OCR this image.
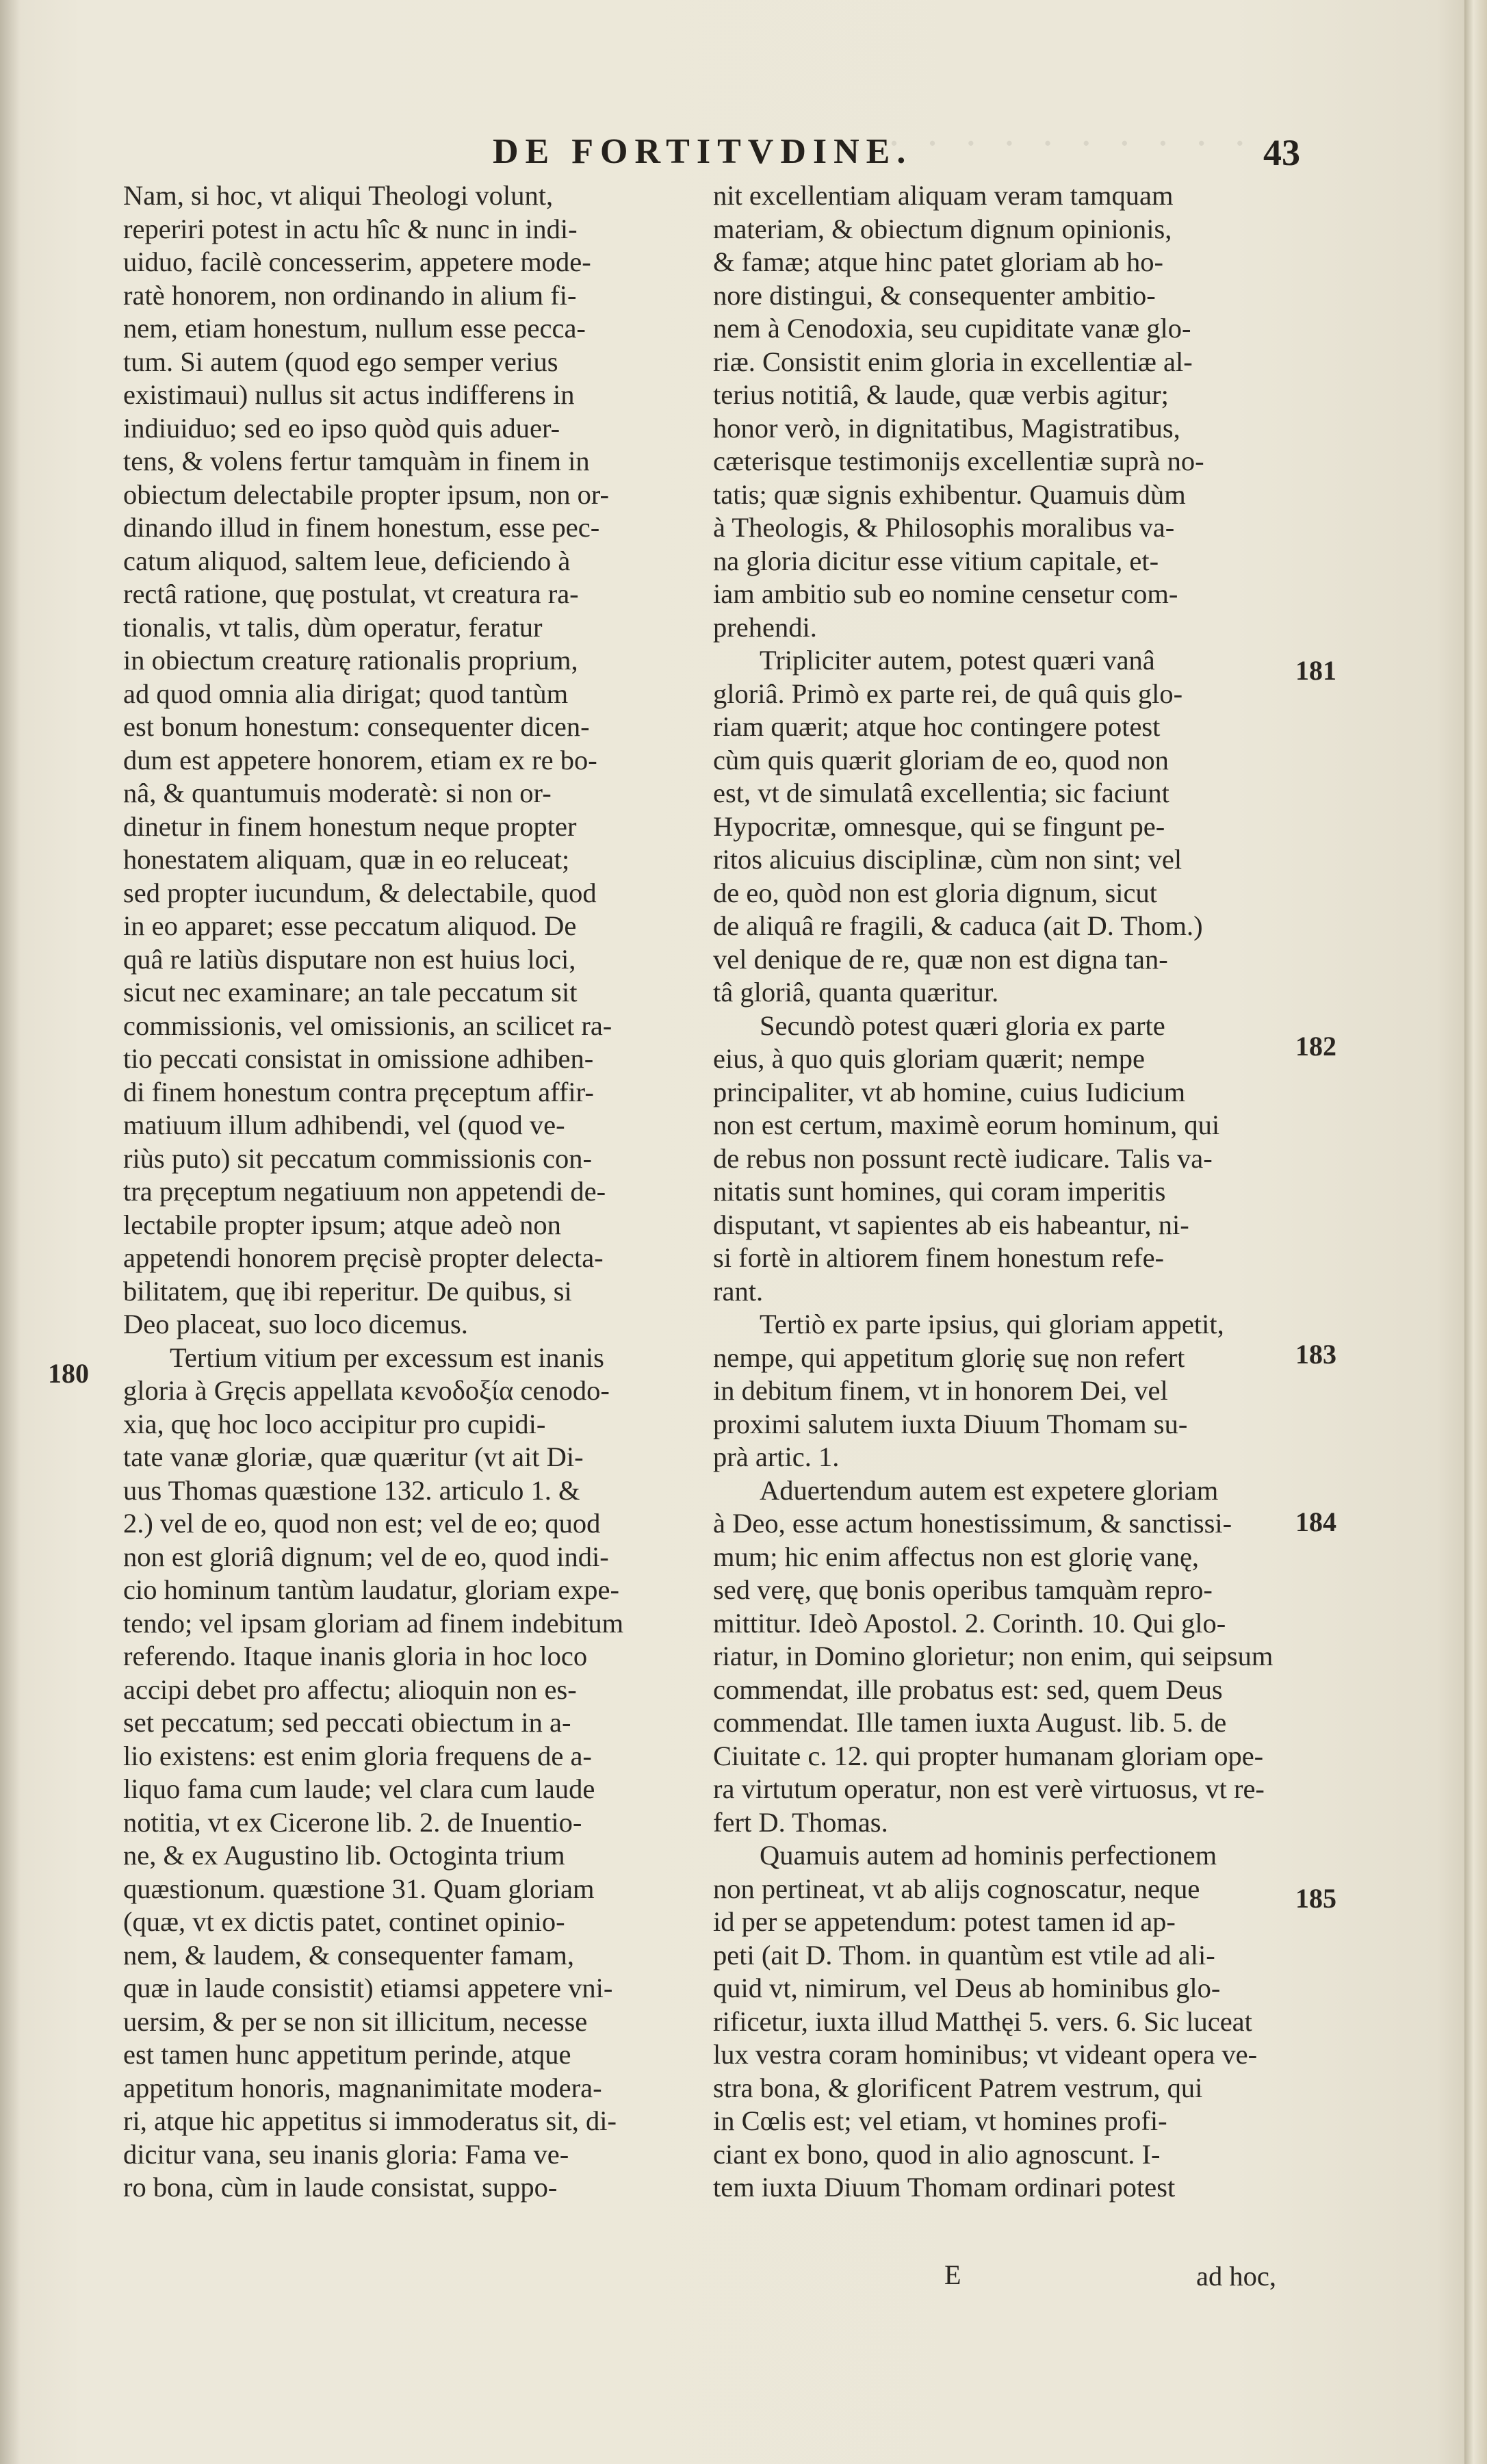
· · · · · · · · · · ·
DE FORTITVDINE.	43
Nam, si hoc, vt aliqui Theologi volunt,
reperiri potest in actu hîc & nunc in indi-
uiduo, facilè concesserim, appetere mode-
ratè honorem, non ordinando in alium fi-
nem, etiam honestum, nullum esse pecca-
tum. Si autem (quod ego semper verius
existimaui) nullus sit actus indifferens in
indiuiduo; sed eo ipso quòd quis aduer-
tens, & volens fertur tamquàm in finem in
obiectum delectabile propter ipsum, non or-
dinando illud in finem honestum, esse pec-
catum aliquod, saltem leue, deficiendo à
rectâ ratione, quę postulat, vt creatura ra-
tionalis, vt talis, dùm operatur, feratur
in obiectum creaturę rationalis proprium,
ad quod omnia alia dirigat; quod tantùm
est bonum honestum: consequenter dicen-
dum est appetere honorem, etiam ex re bo-
nâ, & quantumuis moderatè: si non or-
dinetur in finem honestum neque propter
honestatem aliquam, quæ in eo reluceat;
sed propter iucundum, & delectabile, quod
in eo apparet; esse peccatum aliquod. De
quâ re latiùs disputare non est huius loci,
sicut nec examinare; an tale peccatum sit
commissionis, vel omissionis, an scilicet ra-
tio peccati consistat in omissione adhiben-
di finem honestum contra pręceptum affir-
matiuum illum adhibendi, vel (quod ve-
riùs puto) sit peccatum commissionis con-
tra pręceptum negatiuum non appetendi de-
lectabile propter ipsum; atque adeò non
appetendi honorem pręcisè propter delecta-
bilitatem, quę ibi reperitur. De quibus, si
Deo placeat, suo loco dicemus.
Tertium vitium per excessum est inanis
gloria à Gręcis appellata κενοδοξία cenodo-
xia, quę hoc loco accipitur pro cupidi-
tate vanæ gloriæ, quæ quæritur (vt ait Di-
uus Thomas quæstione 132. articulo 1. &
2.) vel de eo, quod non est; vel de eo; quod
non est gloriâ dignum; vel de eo, quod indi-
cio hominum tantùm laudatur, gloriam expe-
tendo; vel ipsam gloriam ad finem indebitum
referendo. Itaque inanis gloria in hoc loco
accipi debet pro affectu; alioquin non es-
set peccatum; sed peccati obiectum in a-
lio existens: est enim gloria frequens de a-
liquo fama cum laude; vel clara cum laude
notitia, vt ex Cicerone lib. 2. de Inuentio-
ne, & ex Augustino lib. Octoginta trium
quæstionum. quæstione 31. Quam gloriam
(quæ, vt ex dictis patet, continet opinio-
nem, & laudem, & consequenter famam,
quæ in laude consistit) etiamsi appetere vni-
uersim, & per se non sit illicitum, necesse
est tamen hunc appetitum perinde, atque
appetitum honoris, magnanimitate modera-
ri, atque hic appetitus si immoderatus sit, di-
dicitur vana, seu inanis gloria: Fama ve-
ro bona, cùm in laude consistat, suppo-
nit excellentiam aliquam veram tamquam
materiam, & obiectum dignum opinionis,
& famæ; atque hinc patet gloriam ab ho-
nore distingui, & consequenter ambitio-
nem à Cenodoxia, seu cupiditate vanæ glo-
riæ. Consistit enim gloria in excellentiæ al-
terius notitiâ, & laude, quæ verbis agitur;
honor verò, in dignitatibus, Magistratibus,
cæterisque testimonijs excellentiæ suprà no-
tatis; quæ signis exhibentur. Quamuis dùm
à Theologis, & Philosophis moralibus va-
na gloria dicitur esse vitium capitale, et-
iam ambitio sub eo nomine censetur com-
prehendi.
Tripliciter autem, potest quæri vanâ
gloriâ. Primò ex parte rei, de quâ quis glo-
riam quærit; atque hoc contingere potest
cùm quis quærit gloriam de eo, quod non
est, vt de simulatâ excellentia; sic faciunt
Hypocritæ, omnesque, qui se fingunt pe-
ritos alicuius disciplinæ, cùm non sint; vel
de eo, quòd non est gloria dignum, sicut
de aliquâ re fragili, & caduca (ait D. Thom.)
vel denique de re, quæ non est digna tan-
tâ gloriâ, quanta quæritur.
Secundò potest quæri gloria ex parte
eius, à quo quis gloriam quærit; nempe
principaliter, vt ab homine, cuius Iudicium
non est certum, maximè eorum hominum, qui
de rebus non possunt rectè iudicare. Talis va-
nitatis sunt homines, qui coram imperitis
disputant, vt sapientes ab eis habeantur, ni-
si fortè in altiorem finem honestum refe-
rant.
Tertiò ex parte ipsius, qui gloriam appetit,
nempe, qui appetitum glorię suę non refert
in debitum finem, vt in honorem Dei, vel
proximi salutem iuxta Diuum Thomam su-
prà artic. 1.
Aduertendum autem est expetere gloriam
à Deo, esse actum honestissimum, & sanctissi-
mum; hic enim affectus non est glorię vanę,
sed verę, quę bonis operibus tamquàm repro-
mittitur. Ideò Apostol. 2. Corinth. 10. Qui glo-
riatur, in Domino glorietur; non enim, qui seipsum
commendat, ille probatus est: sed, quem Deus
commendat. Ille tamen iuxta August. lib. 5. de
Ciuitate c. 12. qui propter humanam gloriam ope-
ra virtutum operatur, non est verè virtuosus, vt re-
fert D. Thomas.
Quamuis autem ad hominis perfectionem
non pertineat, vt ab alijs cognoscatur, neque
id per se appetendum: potest tamen id ap-
peti (ait D. Thom. in quantùm est vtile ad ali-
quid vt, nimirum, vel Deus ab hominibus glo-
rificetur, iuxta illud Matthęi 5. vers. 6. Sic luceat
lux vestra coram hominibus; vt videant opera ve-
stra bona, & glorificent Patrem vestrum, qui
in Cœlis est; vel etiam, vt homines profi-
ciant ex bono, quod in alio agnoscunt. I-
tem iuxta Diuum Thomam ordinari potest
180
181
182
183
184
185
E	ad hoc,
